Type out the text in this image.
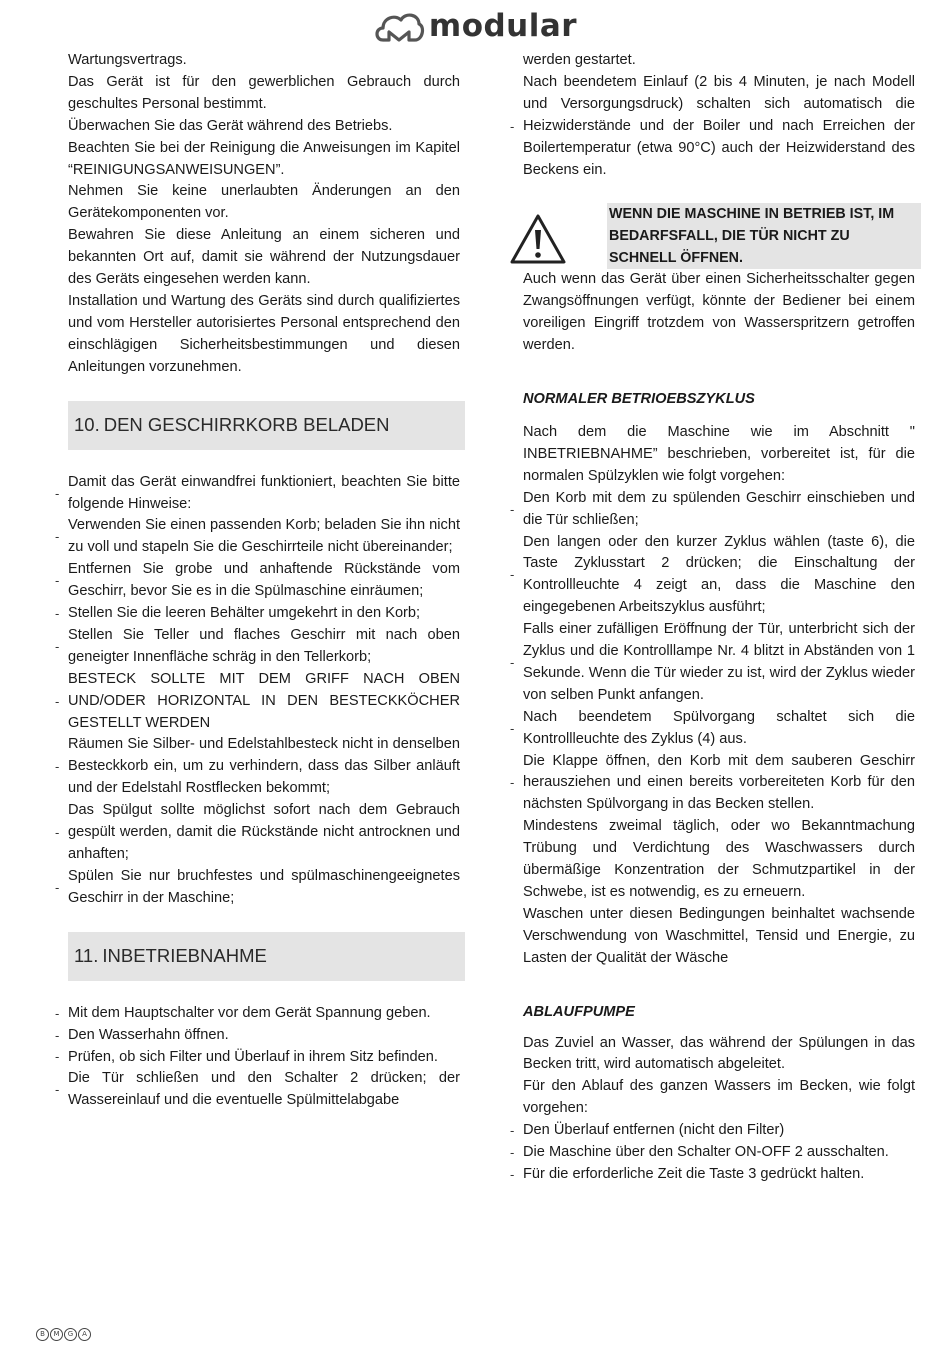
modular

Wartungsvertrags.

Das Gerät ist für den gewerblichen Gebrauch durch geschultes Personal bestimmt.

Überwachen Sie das Gerät während des Betriebs.

Beachten Sie bei der Reinigung die Anweisungen im Kapitel “REINIGUNGSANWEISUNGEN”.

Nehmen Sie keine unerlaubten Änderungen an den Gerätekomponenten vor.

Bewahren Sie diese Anleitung an einem sicheren und bekannten Ort auf, damit sie während der Nutzungsdauer des Geräts eingesehen werden kann.

Installation und Wartung des Geräts sind durch qualifiziertes und vom Hersteller autorisiertes Personal entsprechend den einschlägigen Sicherheitsbestimmungen und diesen Anleitungen vorzunehmen.

10. DEN GESCHIRRKORB BELADEN

-
Damit das Gerät einwandfrei funktioniert, beachten Sie bitte folgende Hinweise:

-
Verwenden Sie einen passenden Korb; beladen Sie ihn nicht zu voll und stapeln Sie die Geschirrteile nicht übereinander;

-
Entfernen Sie grobe und anhaftende Rückstände vom Geschirr, bevor Sie es in die Spülmaschine einräumen;

- Stellen Sie die leeren Behälter umgekehrt in den Korb;

-
Stellen Sie Teller und flaches Geschirr mit nach oben geneigter Innenfläche schräg in den Tellerkorb;

-
BESTECK SOLLTE MIT DEM GRIFF NACH OBEN UND/ODER HORIZONTAL IN DEN BESTECKKÖCHER GESTELLT WERDEN

-
Räumen Sie Silber- und Edelstahlbesteck nicht in denselben Besteckkorb ein, um zu verhindern, dass das Silber anläuft und der Edelstahl Rostflecken bekommt;

-
Das Spülgut sollte möglichst sofort nach dem Gebrauch gespült werden, damit die Rückstände nicht antrocknen und anhaften;

-
Spülen Sie nur bruchfestes und spülmaschinengeeignetes Geschirr in der Maschine;

11. INBETRIEBNAHME

- Mit dem Hauptschalter vor dem Gerät Spannung geben.

- Den Wasserhahn öffnen.

- Prüfen, ob sich Filter und Überlauf in ihrem Sitz befinden.

-
Die Tür schließen und den Schalter 2 drücken; der Wassereinlauf und die eventuelle Spülmittelabgabe

werden gestartet.

-
Nach beendetem Einlauf (2 bis 4 Minuten, je nach Modell und Versorgungsdruck) schalten sich automatisch die Heizwiderstände und der Boiler und nach Erreichen der Boilertemperatur (etwa 90°C) auch der Heizwiderstand des Beckens ein.

WENN DIE MASCHINE IN BETRIEB IST, IM BEDARFSFALL, DIE TÜR NICHT ZU SCHNELL ÖFFNEN.

Auch wenn das Gerät über einen Sicherheitsschalter gegen Zwangsöffnungen verfügt, könnte der Bediener bei einem voreiligen Eingriff trotzdem von Wasserspritzern getroffen werden.

NORMALER BETRIOEBSZYKLUS

Nach dem die Maschine wie im Abschnitt " INBETRIEBNAHME” beschrieben, vorbereitet ist, für die normalen Spülzyklen wie folgt vorgehen:

-
Den Korb mit dem zu spülenden Geschirr einschieben und die Tür schließen;

-
Den langen oder den kurzer Zyklus wählen (taste 6), die Taste Zyklusstart 2 drücken; die Einschaltung der Kontrollleuchte 4 zeigt an, dass die Maschine den eingegebenen Arbeitszyklus ausführt;

-
Falls einer zufälligen Eröffnung der Tür, unterbricht sich der Zyklus und die Kontrolllampe Nr. 4 blitzt in Abständen von 1 Sekunde. Wenn die Tür wieder zu ist, wird der Zyklus wieder von selben Punkt anfangen.

-
Nach beendetem Spülvorgang schaltet sich die Kontrollleuchte des Zyklus (4) aus.

-
Die Klappe öffnen, den Korb mit dem sauberen Geschirr herausziehen und einen bereits vorbereiteten Korb für den nächsten Spülvorgang in das Becken stellen.

Mindestens zweimal täglich, oder wo Bekanntmachung Trübung und Verdichtung des Waschwassers durch übermäßige Konzentration der Schmutzpartikel in der Schwebe, ist es notwendig, es zu erneuern.

Waschen unter diesen Bedingungen beinhaltet wachsende Verschwendung von Waschmittel, Tensid und Energie, zu Lasten der Qualität der Wäsche

ABLAUFPUMPE

Das Zuviel an Wasser, das während der Spülungen in das Becken tritt, wird automatisch abgeleitet.

Für den Ablauf des ganzen Wassers im Becken, wie folgt vorgehen:

- Den Überlauf entfernen (nicht den Filter)

- Die Maschine über den Schalter ON-OFF 2 ausschalten.

- Für die erforderliche Zeit die Taste 3 gedrückt halten.

B	M	G	A
